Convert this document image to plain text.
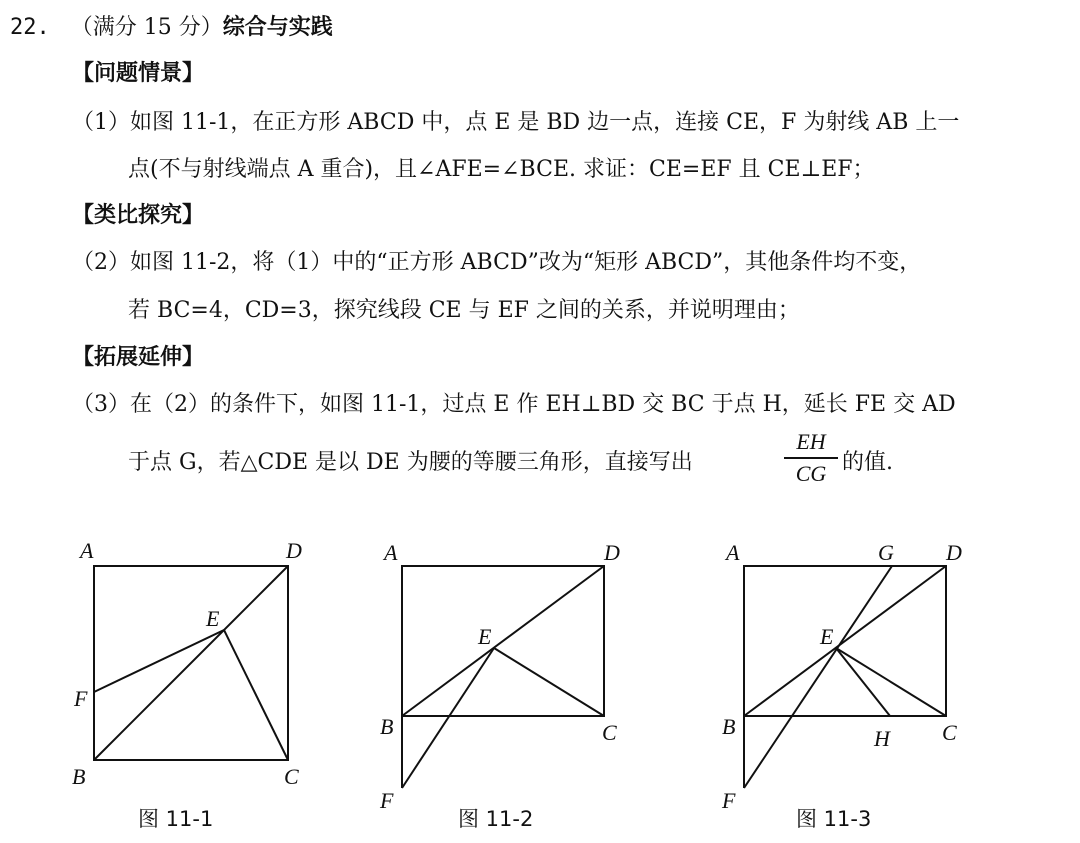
22. （满分 15 分）综合与实践
【问题情景】
（1）如图 11-1，在正方形 ABCD 中，点 E 是 BD 边一点，连接 CE，F 为射线 AB 上一
点(不与射线端点 A 重合)，且∠AFE=∠BCE. 求证：CE=EF 且 CE⊥EF；
【类比探究】
（2）如图 11-2，将（1）中的“正方形 ABCD”改为“矩形 ABCD”，其他条件均不变，
若 BC=4，CD=3，探究线段 CE 与 EF 之间的关系，并说明理由；
【拓展延伸】
（3）在（2）的条件下，如图 11-1，过点 E 作 EH⊥BD 交 BC 于点 H，延长 FE 交 AD
于点 G，若△CDE 是以 DE 为腰的等腰三角形，直接写出
EH
CG 的值.
A	D
E
F
B	C
图 11-1
A	D
E
B	C
F
图 11-2
A	G D
E
B	H C
F
图 11-3
